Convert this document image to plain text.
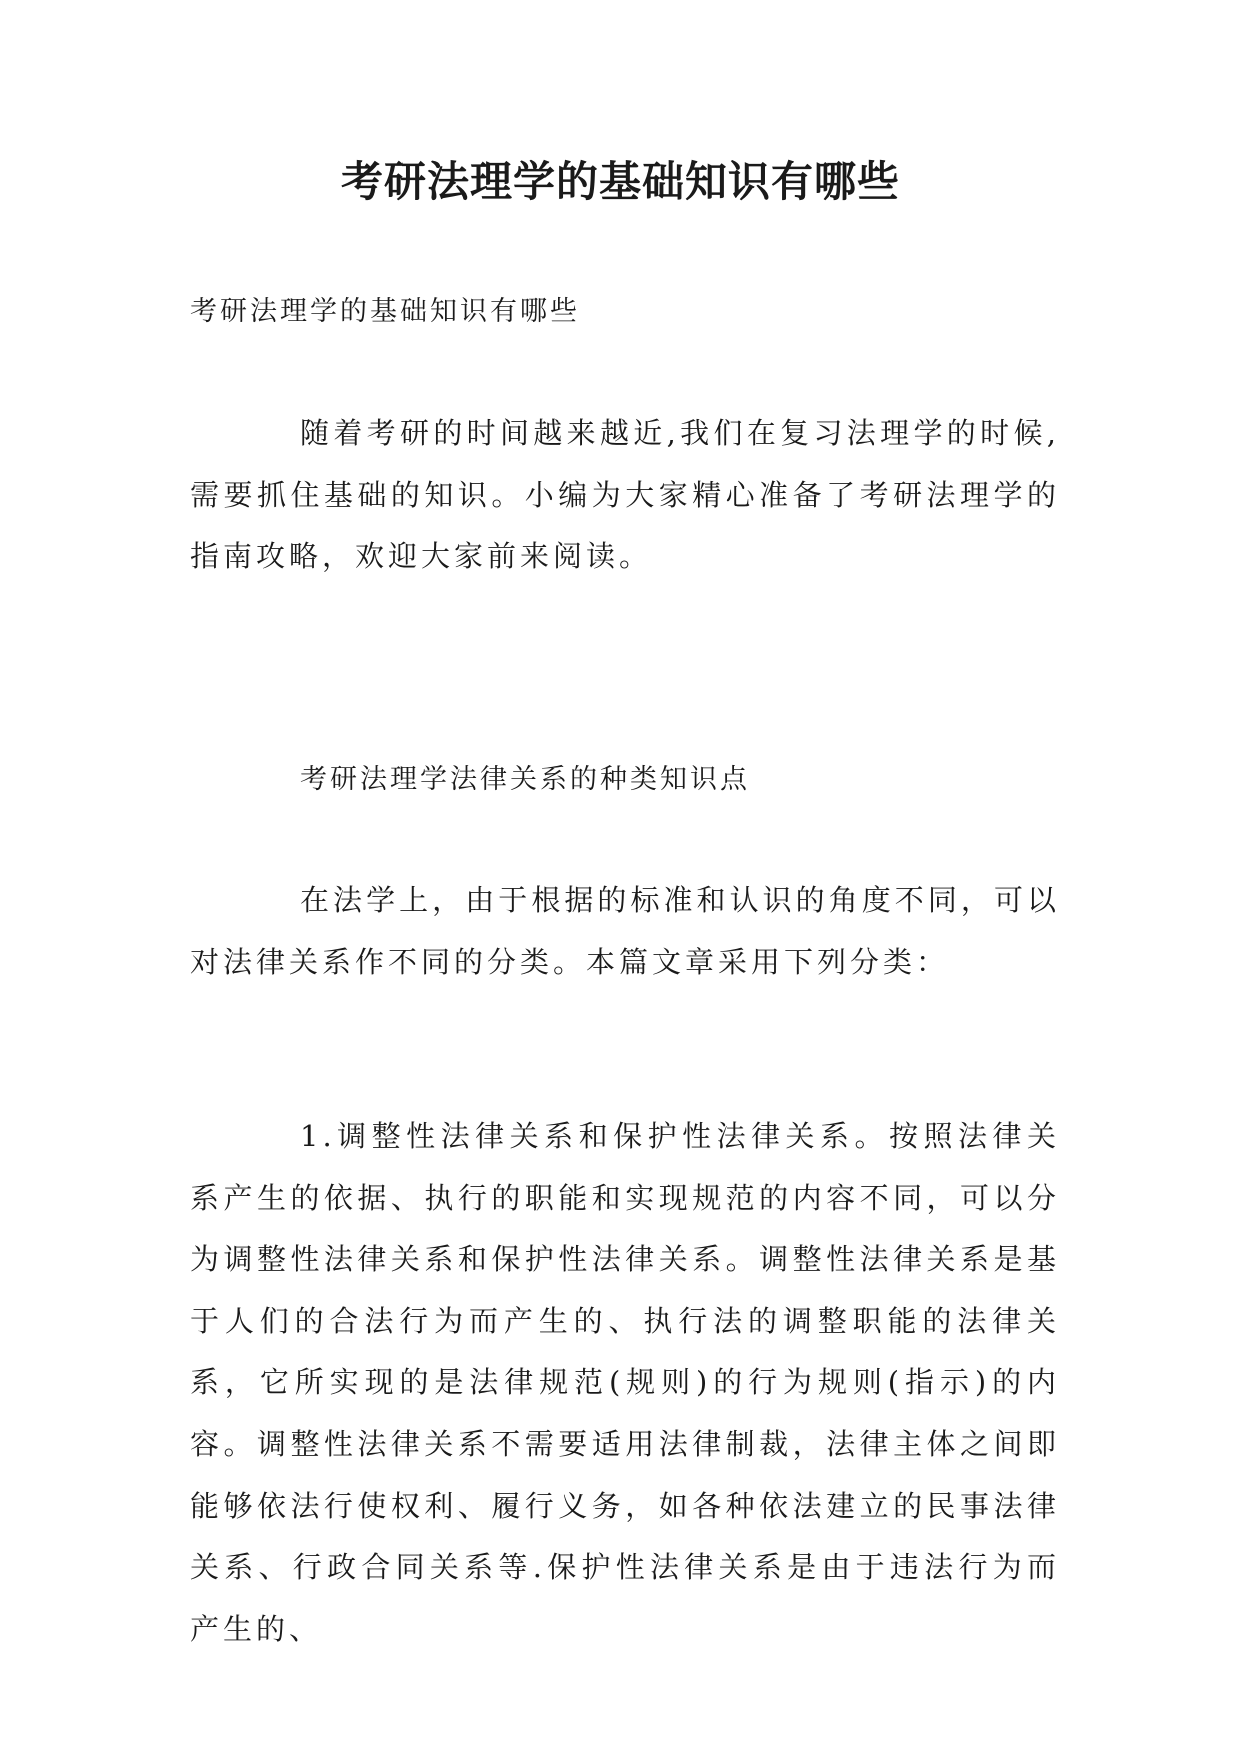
考研法理学的基础知识有哪些

考研法理学的基础知识有哪些

随着考研的时间越来越近,我们在复习法理学的时候,需要抓住基础的知识。小编为大家精心准备了考研法理学的指南攻略，欢迎大家前来阅读。

考研法理学法律关系的种类知识点

在法学上，由于根据的标准和认识的角度不同，可以对法律关系作不同的分类。本篇文章采用下列分类：

1.调整性法律关系和保护性法律关系。按照法律关系产生的依据、执行的职能和实现规范的内容不同，可以分为调整性法律关系和保护性法律关系。调整性法律关系是基于人们的合法行为而产生的、执行法的调整职能的法律关系，它所实现的是法律规范(规则)的行为规则(指示)的内容。调整性法律关系不需要适用法律制裁，法律主体之间即能够依法行使权利、履行义务，如各种依法建立的民事法律关系、行政合同关系等.保护性法律关系是由于违法行为而产生的、
